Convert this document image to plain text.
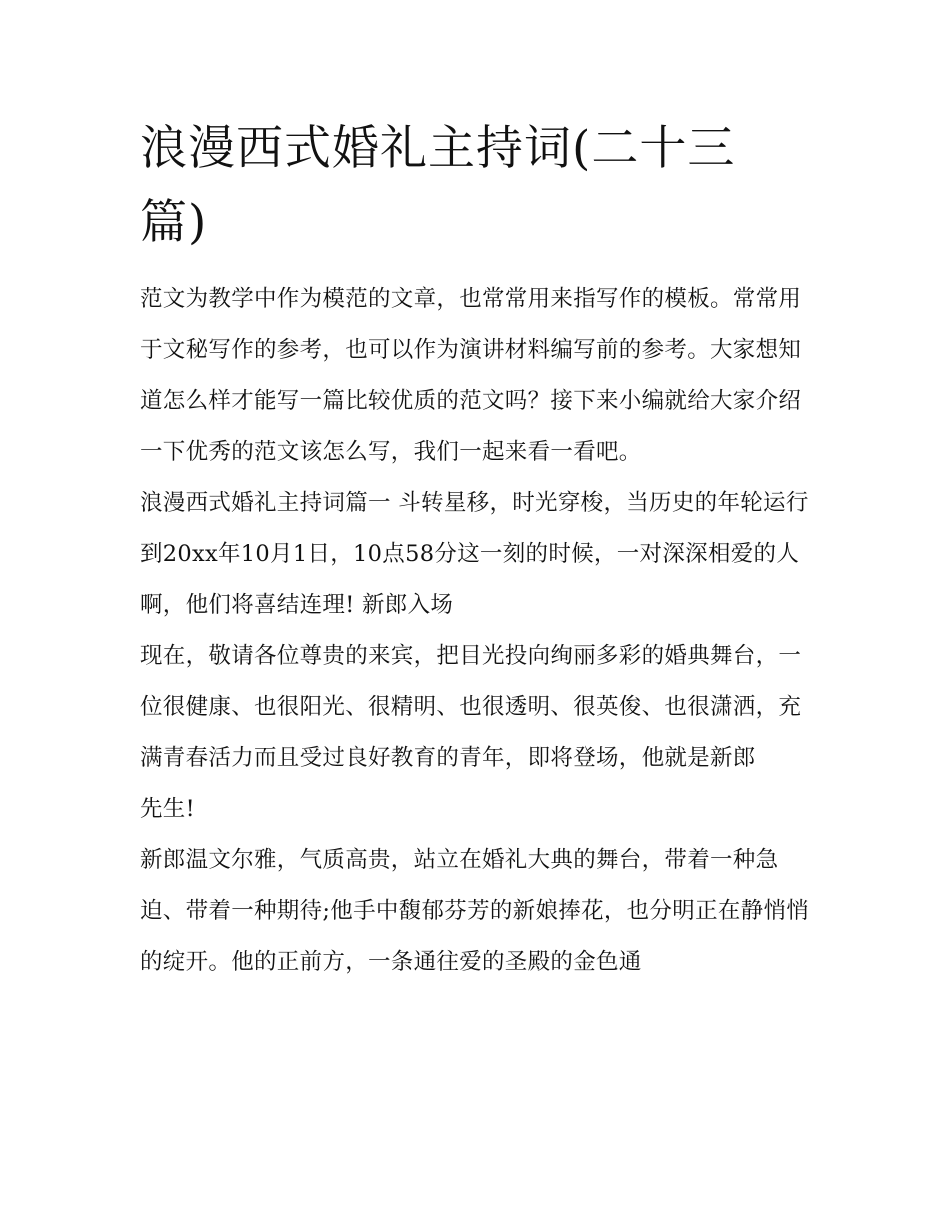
浪漫西式婚礼主持词(二十三篇)

范文为教学中作为模范的文章，也常常用来指写作的模板。常常用于文秘写作的参考，也可以作为演讲材料编写前的参考。大家想知道怎么样才能写一篇比较优质的范文吗？接下来小编就给大家介绍一下优秀的范文该怎么写，我们一起来看一看吧。

浪漫西式婚礼主持词篇一 斗转星移，时光穿梭，当历史的年轮运行到20xx年10月1日，10点58分这一刻的时候，一对深深相爱的人啊，他们将喜结连理! 新郎入场

现在，敬请各位尊贵的来宾，把目光投向绚丽多彩的婚典舞台，一位很健康、也很阳光、很精明、也很透明、很英俊、也很潇洒，充满青春活力而且受过良好教育的青年，即将登场，他就是新郎

先生!

新郎温文尔雅，气质高贵，站立在婚礼大典的舞台，带着一种急迫、带着一种期待;他手中馥郁芬芳的新娘捧花，也分明正在静悄悄的绽开。他的正前方，一条通往爱的圣殿的金色通
